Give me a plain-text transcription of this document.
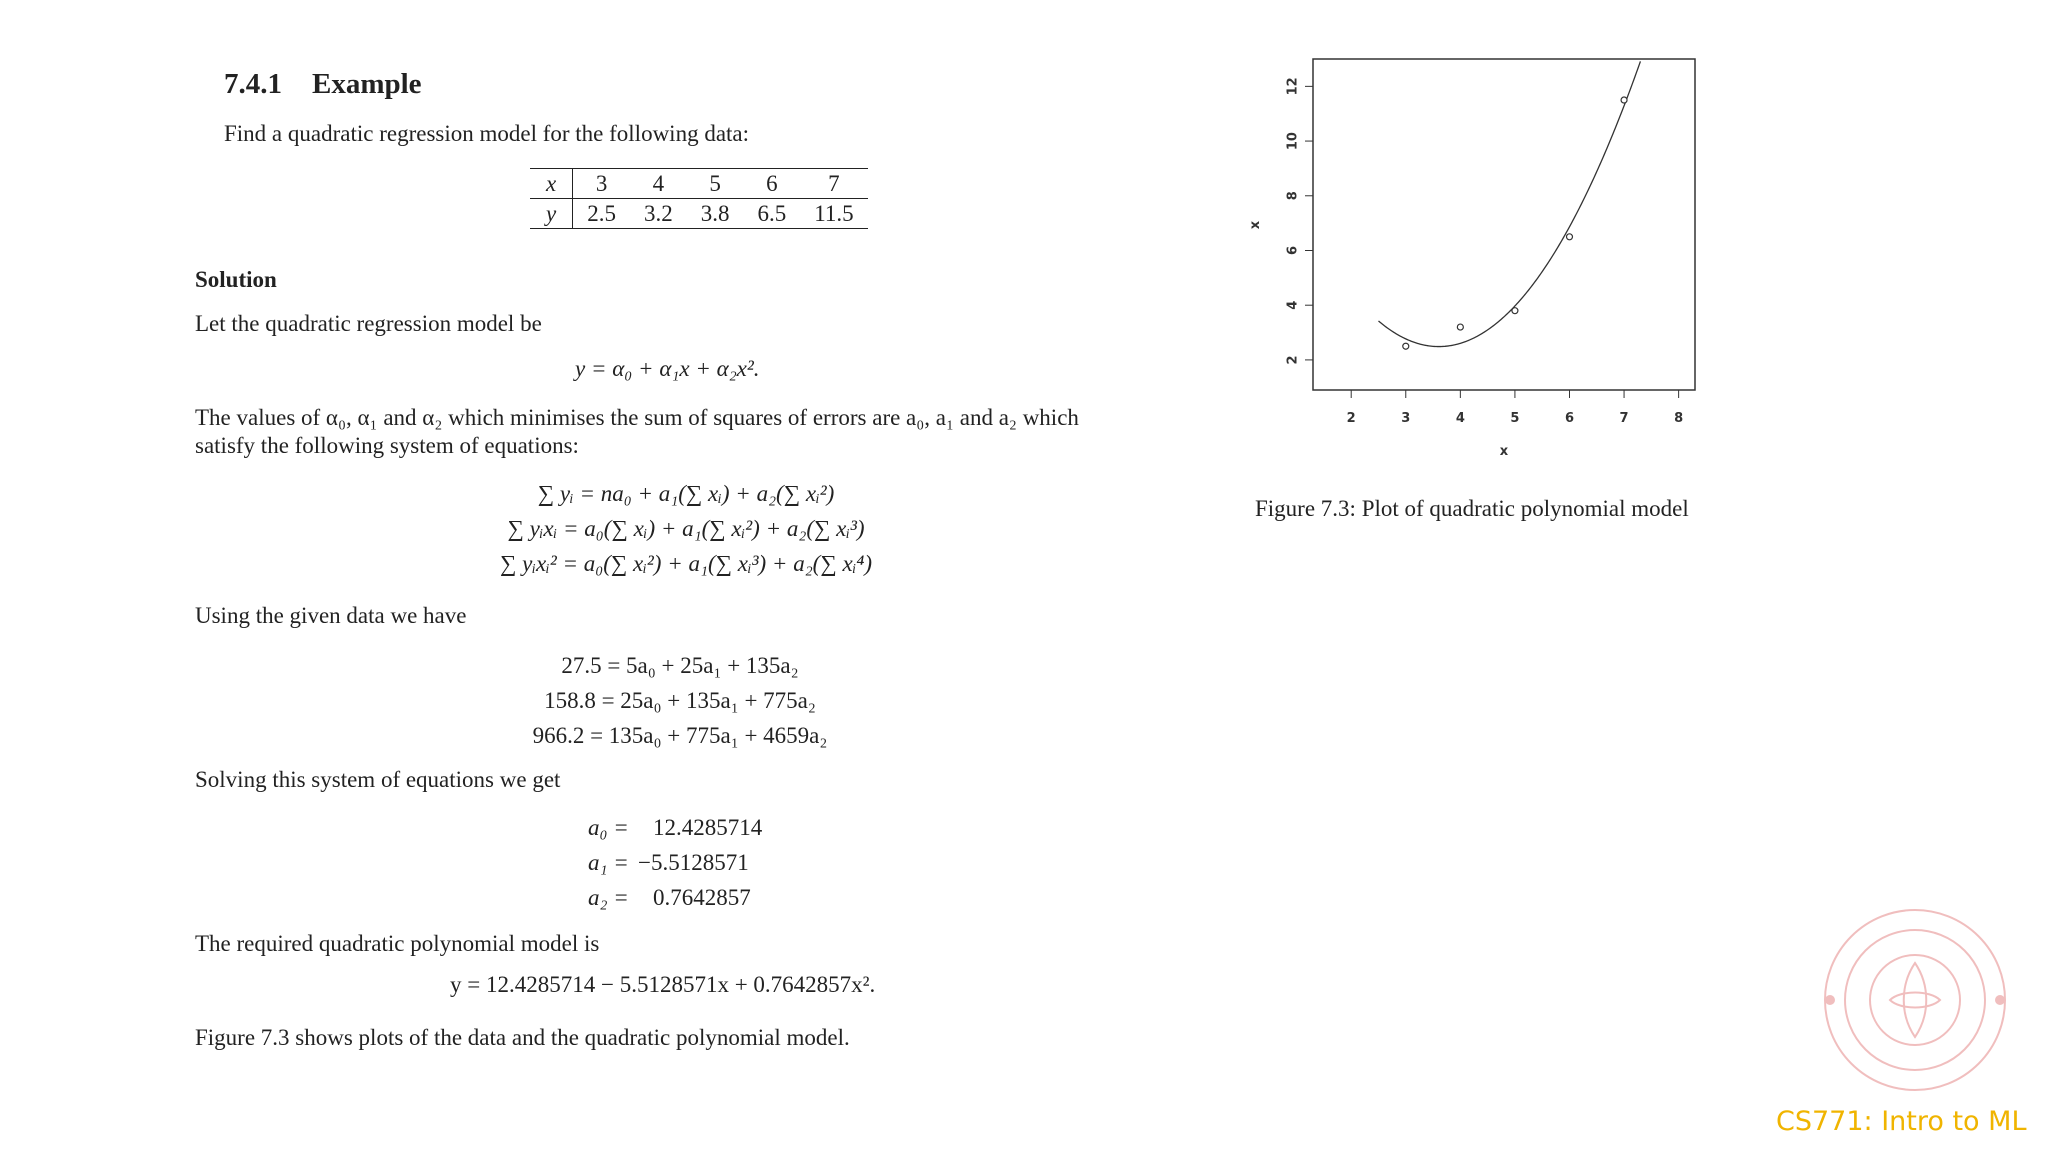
7.4.1 Example
Find a quadratic regression model for the following data:
x	3	4	5	6	7
y	2.5	3.2	3.8	6.5	11.5
Solution
Let the quadratic regression model be
y = α₀ + α₁x + α₂x².
The values of α₀, α₁ and α₂ which minimises the sum of squares of errors are a₀, a₁ and a₂ which
satisfy the following system of equations:
∑ yᵢ = na₀ + a₁(∑ xᵢ) + a₂(∑ xᵢ²)
∑ yᵢxᵢ = a₀(∑ xᵢ) + a₁(∑ xᵢ²) + a₂(∑ xᵢ³)
∑ yᵢxᵢ² = a₀(∑ xᵢ²) + a₁(∑ xᵢ³) + a₂(∑ xᵢ⁴)
Using the given data we have
27.5 = 5a₀ + 25a₁ + 135a₂
158.8 = 25a₀ + 135a₁ + 775a₂
966.2 = 135a₀ + 775a₁ + 4659a₂
Solving this system of equations we get
a₀ = 12.4285714
a₁ = −5.5128571
a₂ = 0.7642857
The required quadratic polynomial model is
y = 12.4285714 − 5.5128571x + 0.7642857x².
Figure 7.3 shows plots of the data and the quadratic polynomial model.
2	3	4	5	6	7	8
2
4
6
8
10
12
x
x
Figure 7.3: Plot of quadratic polynomial model
CS771: Intro to ML
